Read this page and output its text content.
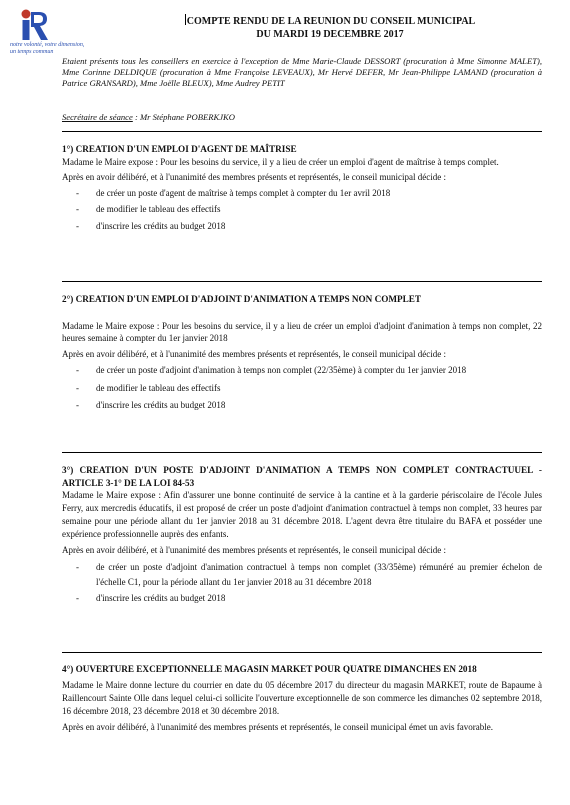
notre volonté, votre dimension, un temps commun
COMPTE RENDU DE LA REUNION DU CONSEIL MUNICIPAL
DU MARDI 19 DECEMBRE 2017
Etaient présents tous les conseillers en exercice à l'exception de Mme Marie-Claude DESSORT (procuration à Mme Simonne MALET), Mme Corinne DELDIQUE (procuration à Mme Françoise LEVEAUX), Mr Hervé DEFER, Mr Jean-Philippe LAMAND (procuration à Patrice GRANSARD), Mme Joëlle BLEUX), Mme Audrey PETIT
Secrétaire de séance : Mr Stéphane POBERKJKO
1°) CREATION D'UN EMPLOI D'AGENT DE MAÎTRISE

Madame le Maire expose : Pour les besoins du service, il y a lieu de créer un emploi d'agent de maîtrise à temps complet.

Après en avoir délibéré, et à l'unanimité des membres présents et représentés, le conseil municipal décide :

- de créer un poste d'agent de maîtrise à temps complet à compter du 1er avril 2018
- de modifier le tableau des effectifs
- d'inscrire les crédits au budget 2018
2°) CREATION D'UN EMPLOI D'ADJOINT D'ANIMATION A TEMPS NON COMPLET

Madame le Maire expose : Pour les besoins du service, il y a lieu de créer un emploi d'adjoint d'animation à temps non complet, 22 heures semaine à compter du 1er janvier 2018

Après en avoir délibéré, et à l'unanimité des membres présents et représentés, le conseil municipal décide :

- de créer un poste d'adjoint d'animation à temps non complet (22/35ème) à compter du 1er janvier 2018
- de modifier le tableau des effectifs
- d'inscrire les crédits au budget 2018
3°) CREATION D'UN POSTE D'ADJOINT D'ANIMATION A TEMPS NON COMPLET CONTRACTUUEL - ARTICLE 3-1° DE LA LOI 84-53

Madame le Maire expose : Afin d'assurer une bonne continuité de service à la cantine et à la garderie périscolaire de l'école Jules Ferry, aux mercredis éducatifs, il est proposé de créer un poste d'adjoint d'animation contractuel à temps non complet, 33 heures par semaine pour une période allant du 1er janvier 2018 au 31 décembre 2018. L'agent devra être titulaire du BAFA et posséder une expérience professionnelle auprès des enfants.

Après en avoir délibéré, et à l'unanimité des membres présents et représentés, le conseil municipal décide :

- de créer un poste d'adjoint d'animation contractuel à temps non complet (33/35ème) rémunéré au premier échelon de l'échelle C1, pour la période allant du 1er janvier 2018 au 31 décembre 2018
- d'inscrire les crédits au budget 2018
4°) OUVERTURE EXCEPTIONNELLE MAGASIN MARKET POUR QUATRE DIMANCHES EN 2018

Madame le Maire donne lecture du courrier en date du 05 décembre 2017 du directeur du magasin MARKET, route de Bapaume à Raillencourt Sainte Olle dans lequel celui-ci sollicite l'ouverture exceptionnelle de son commerce les dimanches 02 septembre 2018, 16 décembre 2018, 23 décembre 2018 et 30 décembre 2018.

Après en avoir délibéré, à l'unanimité des membres présents et représentés, le conseil municipal émet un avis favorable.
